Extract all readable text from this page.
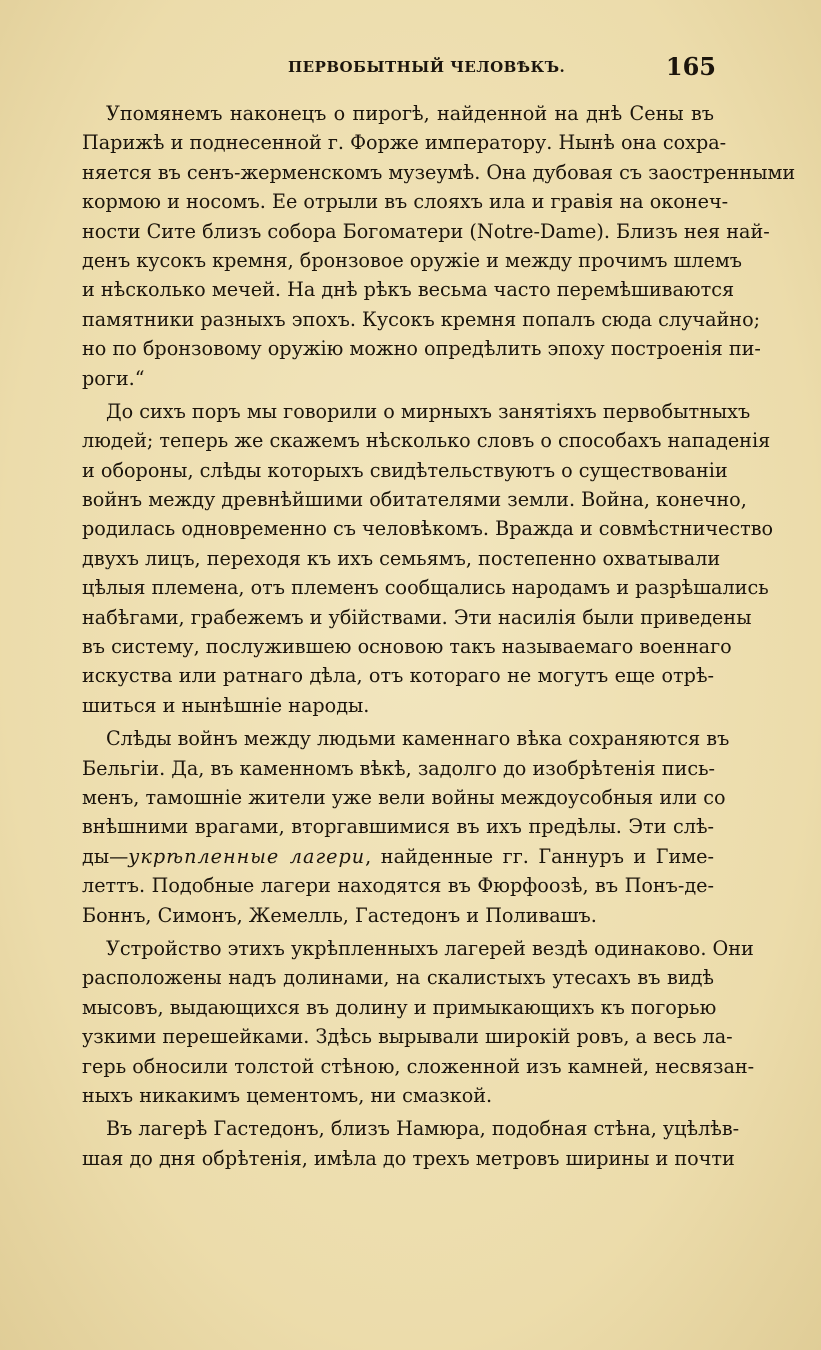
ПЕРВОБЫТНЫЙ ЧЕЛОВѢКЪ.	165
Упомянемъ наконецъ о пирогѣ, найденной на днѣ Сены въ
Парижѣ и поднесенной г. Форже императору. Нынѣ она сохра-
няется въ сенъ-жерменскомъ музеумѣ. Она дубовая съ заостренными
кормою и носомъ. Ее отрыли въ слояхъ ила и гравія на оконеч-
ности Сите близъ собора Богоматери (Notre-Dame). Близъ нея най-
денъ кусокъ кремня, бронзовое оружіе и между прочимъ шлемъ
и нѣсколько мечей. На днѣ рѣкъ весьма часто перемѣшиваются
памятники разныхъ эпохъ. Кусокъ кремня попалъ сюда случайно;
но по бронзовому оружію можно опредѣлить эпоху построенія пи-
роги.“
До сихъ поръ мы говорили о мирныхъ занятіяхъ первобытныхъ
людей; теперь же скажемъ нѣсколько словъ о способахъ нападенія
и обороны, слѣды которыхъ свидѣтельствуютъ о существованіи
войнъ между древнѣйшими обитателями земли. Война, конечно,
родилась одновременно съ человѣкомъ. Вражда и совмѣстничество
двухъ лицъ, переходя къ ихъ семьямъ, постепенно охватывали
цѣлыя племена, отъ племенъ сообщались народамъ и разрѣшались
набѣгами, грабежемъ и убійствами. Эти насилія были приведены
въ систему, послужившею основою такъ называемаго военнаго
искуства или ратнаго дѣла, отъ котораго не могутъ еще отрѣ-
шиться и нынѣшніе народы.
Слѣды войнъ между людьми каменнаго вѣка сохраняются въ
Бельгіи. Да, въ каменномъ вѣкѣ, задолго до изобрѣтенія пись-
менъ, тамошніе жители уже вели войны междоусобныя или со
внѣшними врагами, вторгавшимися въ ихъ предѣлы. Эти слѣ-
ды—укрѣпленные лагери, найденные гг. Ганнуръ и Гиме-
леттъ. Подобные лагери находятся въ Фюрфоозѣ, въ Понъ-де-
Боннъ, Симонъ, Жемелль, Гастедонъ и Поливашъ.
Устройство этихъ укрѣпленныхъ лагерей вездѣ одинаково. Они
расположены надъ долинами, на скалистыхъ утесахъ въ видѣ
мысовъ, выдающихся въ долину и примыкающихъ къ погорью
узкими перешейками. Здѣсь вырывали широкій ровъ, а весь ла-
герь обносили толстой стѣною, сложенной изъ камней, несвязан-
ныхъ никакимъ цементомъ, ни смазкой.
Въ лагерѣ Гастедонъ, близъ Намюра, подобная стѣна, уцѣлѣв-
шая до дня обрѣтенія, имѣла до трехъ метровъ ширины и почти
